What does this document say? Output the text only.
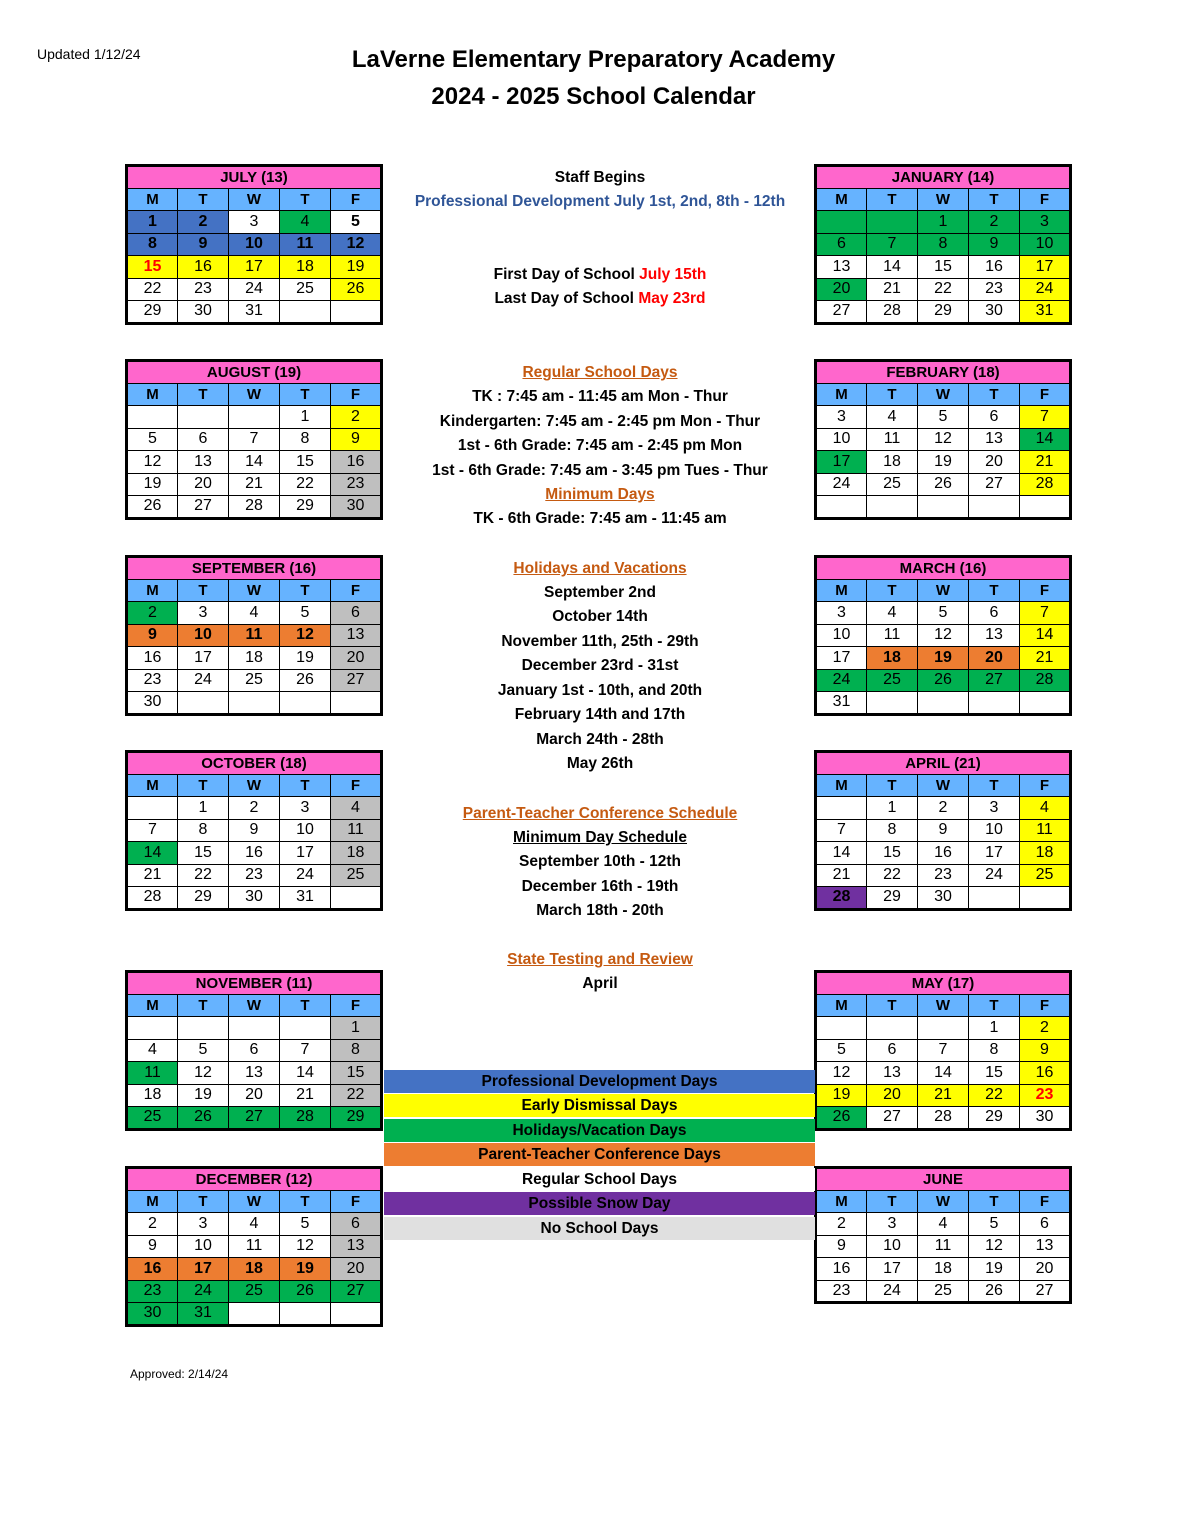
Updated 1/12/24	LaVerne Elementary Preparatory Academy
2024 - 2025 School Calendar
JULY (13)				
M	T	W	T	F
1	2	3	4	5
8	9	10	11	12
15	16	17	18	19
22	23	24	25	26
29	30	31		
AUGUST (19)				
M	T	W	T	F
			1	2
5	6	7	8	9
12	13	14	15	16
19	20	21	22	23
26	27	28	29	30
SEPTEMBER (16)				
M	T	W	T	F
2	3	4	5	6
9	10	11	12	13
16	17	18	19	20
23	24	25	26	27
30				
OCTOBER (18)				
M	T	W	T	F
	1	2	3	4
7	8	9	10	11
14	15	16	17	18
21	22	23	24	25
28	29	30	31	
NOVEMBER (11)				
M	T	W	T	F
				1
4	5	6	7	8
11	12	13	14	15
18	19	20	21	22
25	26	27	28	29
DECEMBER (12)				
M	T	W	T	F
2	3	4	5	6
9	10	11	12	13
16	17	18	19	20
23	24	25	26	27
30	31			
JANUARY (14)				
M	T	W	T	F
		1	2	3
6	7	8	9	10
13	14	15	16	17
20	21	22	23	24
27	28	29	30	31
FEBRUARY (18)				
M	T	W	T	F
3	4	5	6	7
10	11	12	13	14
17	18	19	20	21
24	25	26	27	28

MARCH (16)				
M	T	W	T	F
3	4	5	6	7
10	11	12	13	14
17	18	19	20	21
24	25	26	27	28
31				
APRIL (21)				
M	T	W	T	F
	1	2	3	4
7	8	9	10	11
14	15	16	17	18
21	22	23	24	25
28	29	30		
MAY (17)				
M	T	W	T	F
			1	2
5	6	7	8	9
12	13	14	15	16
19	20	21	22	23
26	27	28	29	30
JUNE				
M	T	W	T	F
2	3	4	5	6
9	10	11	12	13
16	17	18	19	20
23	24	25	26	27
Staff Begins
Professional Development July 1st, 2nd, 8th - 12th
First Day of School July 15th
Last Day of School May 23rd
Regular School Days
TK : 7:45 am - 11:45 am Mon - Thur
Kindergarten: 7:45 am - 2:45 pm Mon - Thur
1st - 6th Grade: 7:45 am - 2:45 pm Mon
1st - 6th Grade: 7:45 am - 3:45 pm Tues - Thur
Minimum Days
TK - 6th Grade: 7:45 am - 11:45 am
Holidays and Vacations
September 2nd
October 14th
November 11th, 25th - 29th
December 23rd - 31st
January 1st - 10th, and 20th
February 14th and 17th
March 24th - 28th
May 26th
Parent-Teacher Conference Schedule
Minimum Day Schedule
September 10th - 12th
December 16th - 19th
March 18th - 20th
State Testing and Review
April
Professional Development Days
Early Dismissal Days
Holidays/Vacation Days
Parent-Teacher Conference Days
Regular School Days
Possible Snow Day
No School Days
Approved: 2/14/24
